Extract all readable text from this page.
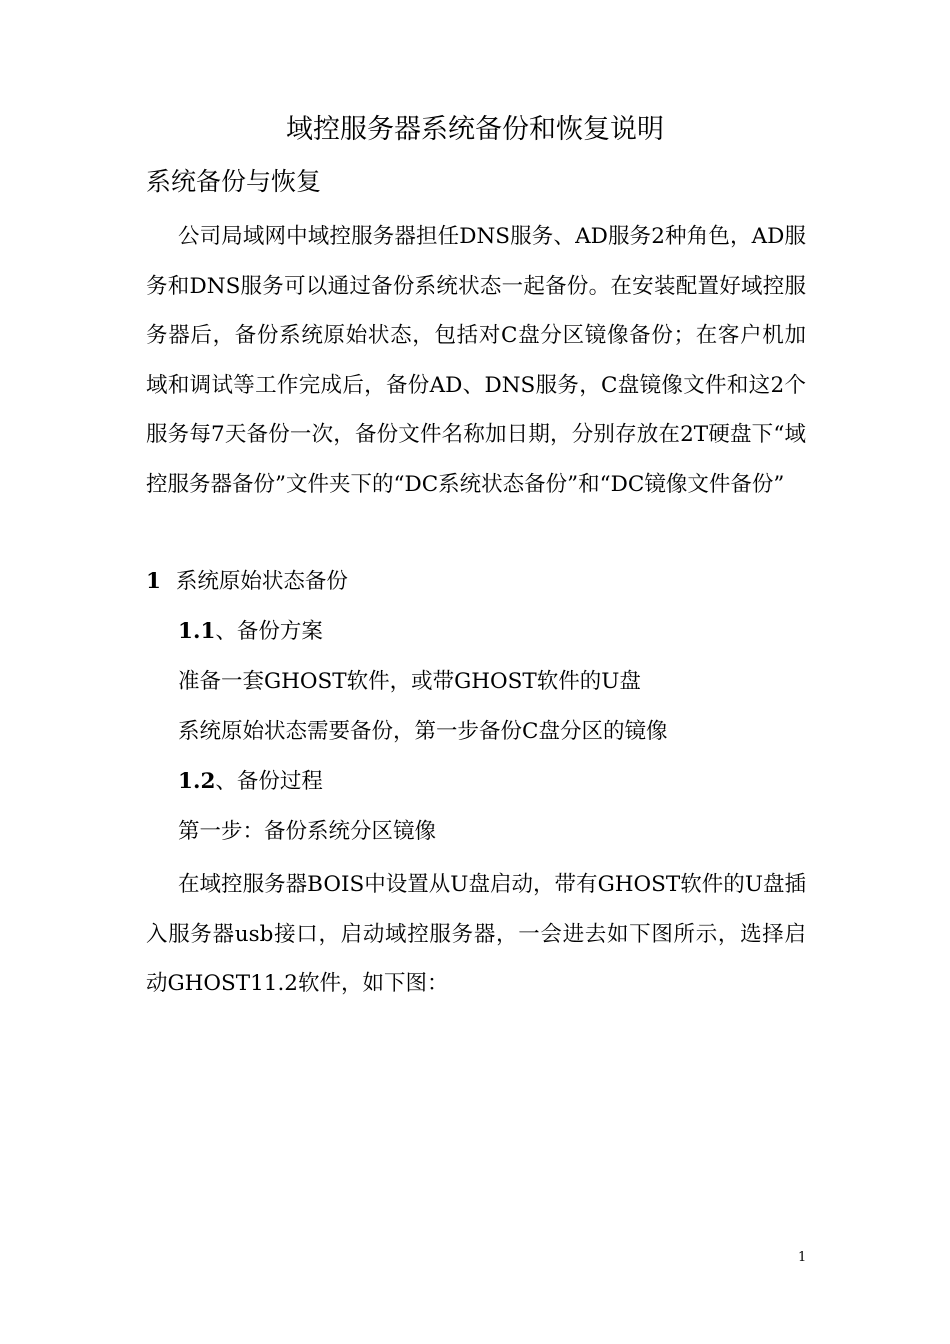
域控服务器系统备份和恢复说明
系统备份与恢复

公司局域网中域控服务器担任DNS服务、AD服务2种角色，AD服务和DNS服务可以通过备份系统状态一起备份。在安装配置好域控服务器后，备份系统原始状态，包括对C盘分区镜像备份；在客户机加域和调试等工作完成后，备份AD、DNS服务，C盘镜像文件和这2个服务每7天备份一次，备份文件名称加日期，分别存放在2T硬盘下“域控服务器备份”文件夹下的“DC系统状态备份”和“DC镜像文件备份”

1 系统原始状态备份
1.1、备份方案

准备一套GHOST软件，或带GHOST软件的U盘

系统原始状态需要备份，第一步备份C盘分区的镜像

1.2、备份过程

第一步：备份系统分区镜像

在域控服务器BOIS中设置从U盘启动，带有GHOST软件的U盘插入服务器usb接口，启动域控服务器，一会进去如下图所示，选择启动GHOST11.2软件，如下图：

1
